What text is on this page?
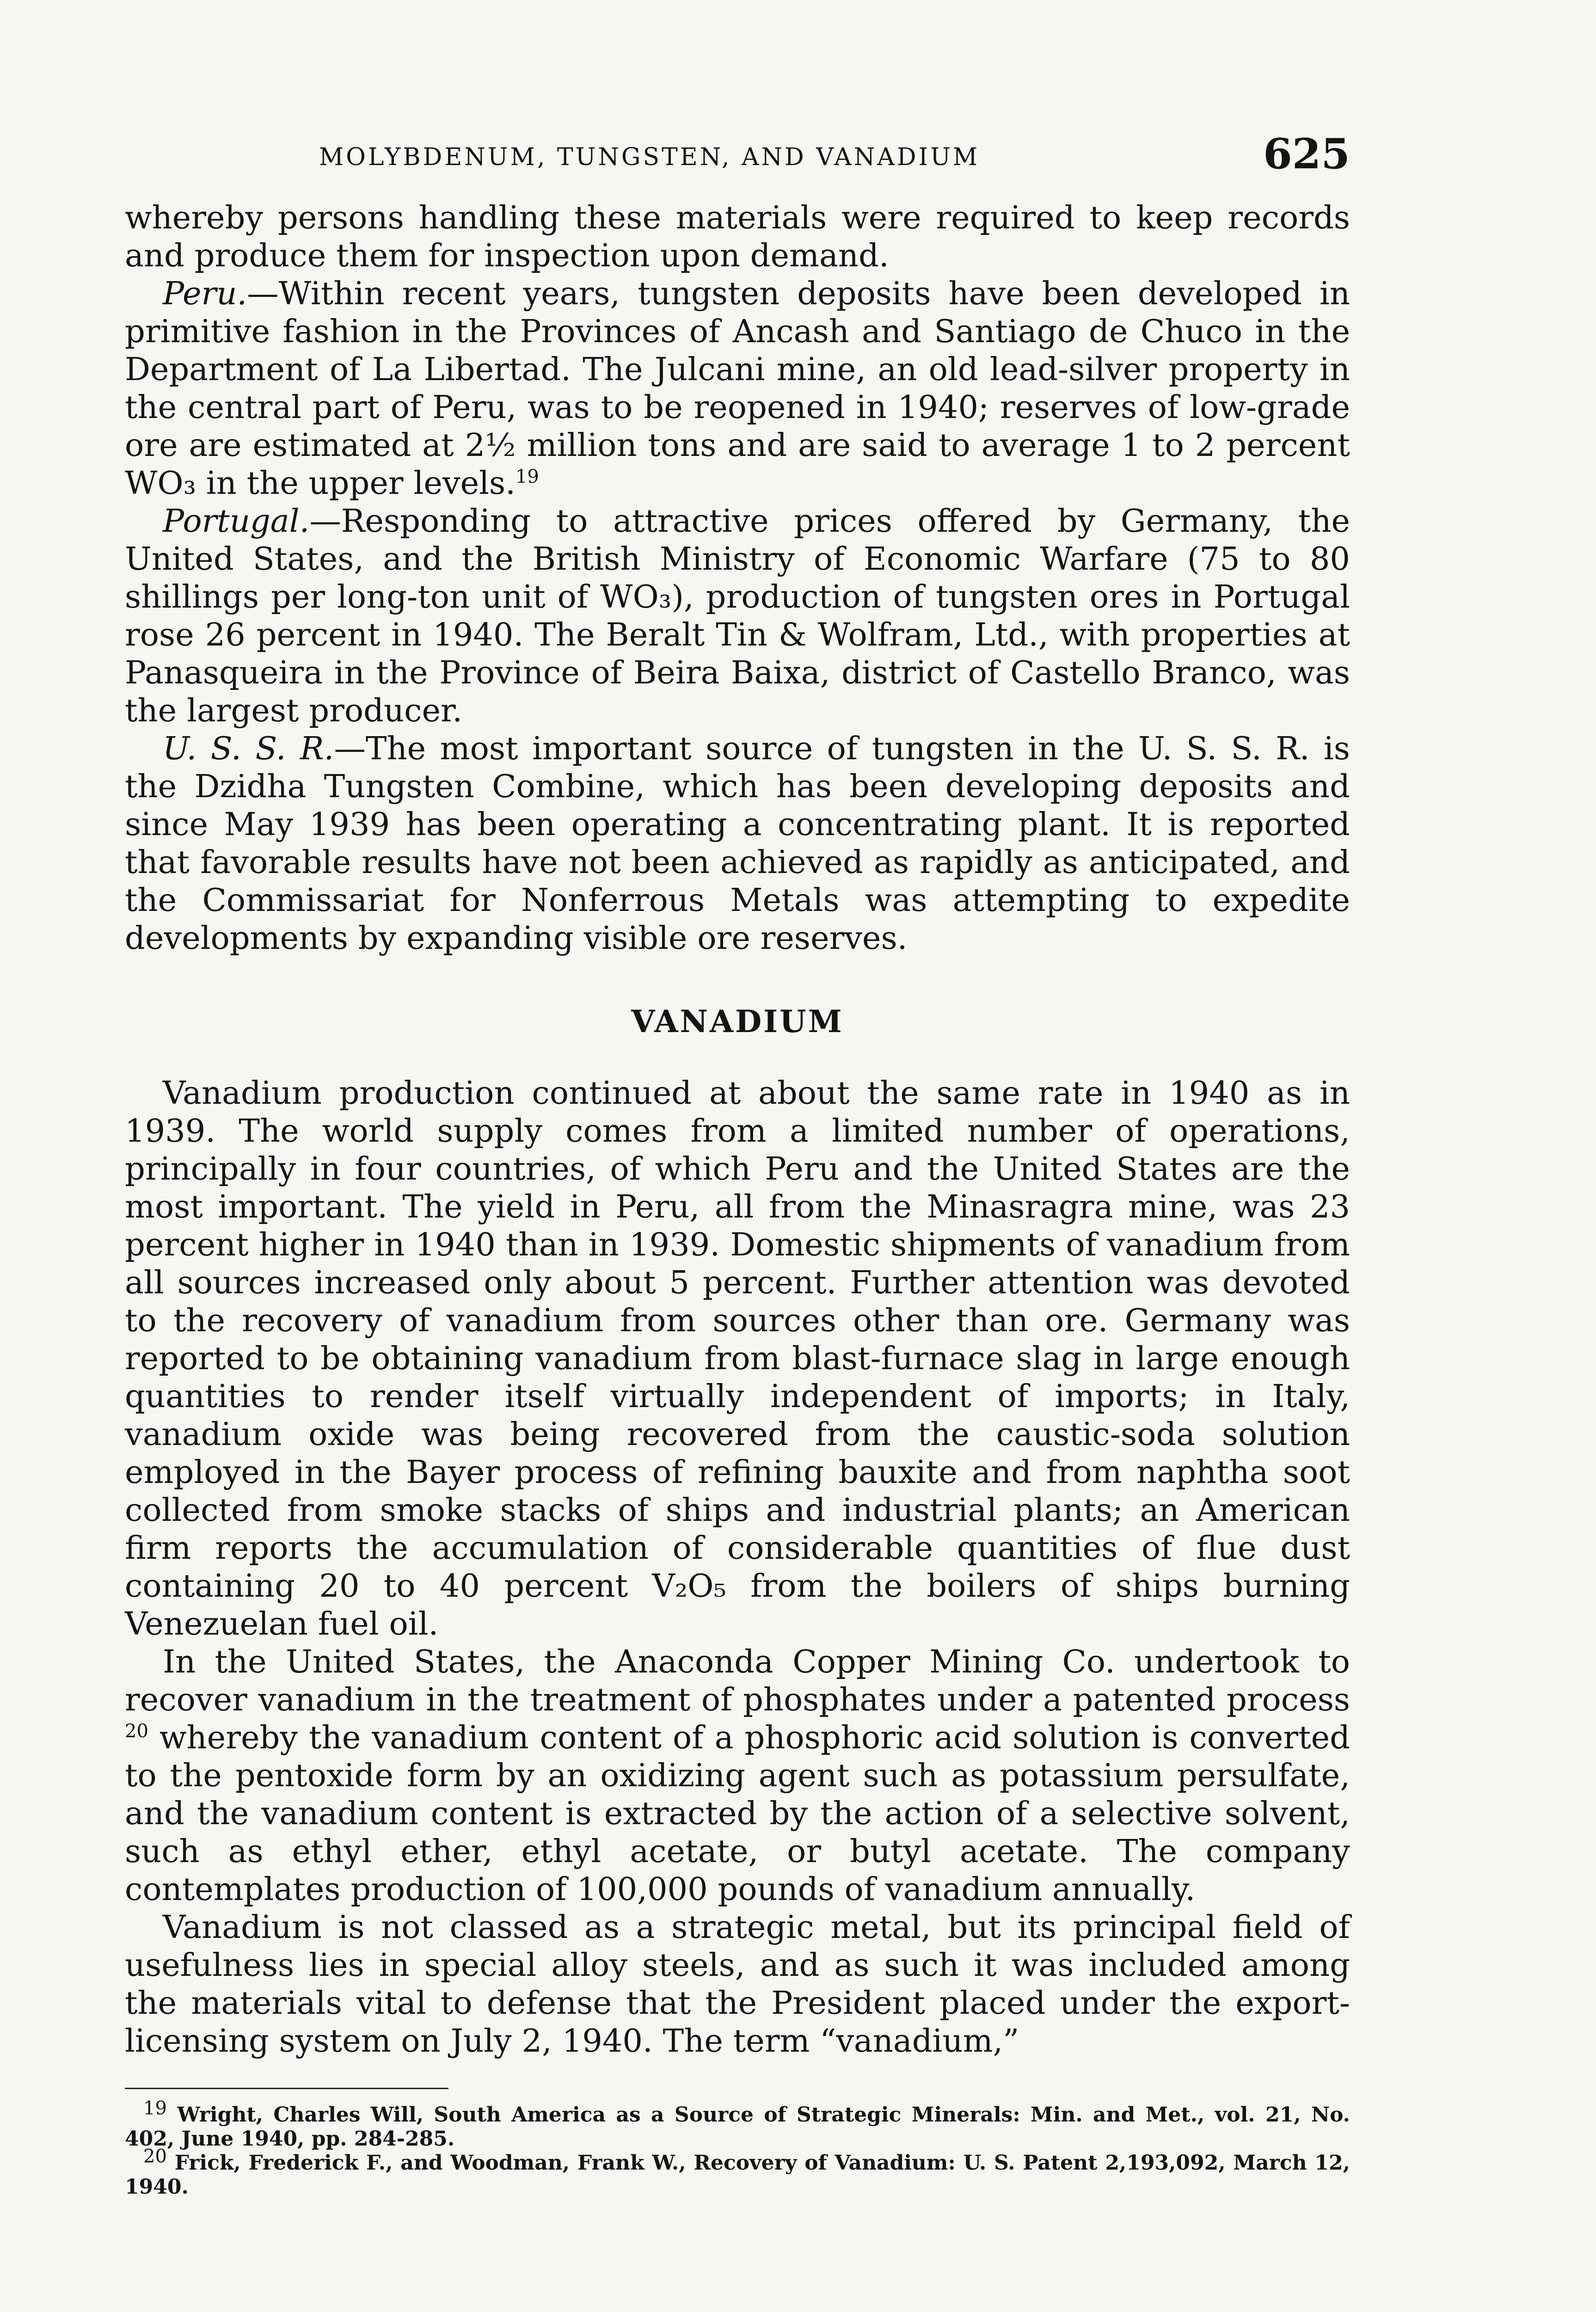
MOLYBDENUM, TUNGSTEN, AND VANADIUM	625

whereby persons handling these materials were required to keep records and produce them for inspection upon demand.

Peru.—Within recent years, tungsten deposits have been developed in primitive fashion in the Provinces of Ancash and Santiago de Chuco in the Department of La Libertad. The Julcani mine, an old lead-silver property in the central part of Peru, was to be reopened in 1940; reserves of low-grade ore are estimated at 2½ million tons and are said to average 1 to 2 percent WO₃ in the upper levels.$^{19}$

Portugal.—Responding to attractive prices offered by Germany, the United States, and the British Ministry of Economic Warfare (75 to 80 shillings per long-ton unit of WO₃), production of tungsten ores in Portugal rose 26 percent in 1940. The Beralt Tin & Wolfram, Ltd., with properties at Panasqueira in the Province of Beira Baixa, district of Castello Branco, was the largest producer.

U. S. S. R.—The most important source of tungsten in the U. S. S. R. is the Dzidha Tungsten Combine, which has been developing deposits and since May 1939 has been operating a concentrating plant. It is reported that favorable results have not been achieved as rapidly as anticipated, and the Commissariat for Nonferrous Metals was attempting to expedite developments by expanding visible ore reserves.

VANADIUM

Vanadium production continued at about the same rate in 1940 as in 1939. The world supply comes from a limited number of operations, principally in four countries, of which Peru and the United States are the most important. The yield in Peru, all from the Minasragra mine, was 23 percent higher in 1940 than in 1939. Domestic shipments of vanadium from all sources increased only about 5 percent. Further attention was devoted to the recovery of vanadium from sources other than ore. Germany was reported to be obtaining vanadium from blast-furnace slag in large enough quantities to render itself virtually independent of imports; in Italy, vanadium oxide was being recovered from the caustic-soda solution employed in the Bayer process of refining bauxite and from naphtha soot collected from smoke stacks of ships and industrial plants; an American firm reports the accumulation of considerable quantities of flue dust containing 20 to 40 percent V₂O₅ from the boilers of ships burning Venezuelan fuel oil.

In the United States, the Anaconda Copper Mining Co. undertook to recover vanadium in the treatment of phosphates under a patented process $^{20}$ whereby the vanadium content of a phosphoric acid solution is converted to the pentoxide form by an oxidizing agent such as potassium persulfate, and the vanadium content is extracted by the action of a selective solvent, such as ethyl ether, ethyl acetate, or butyl acetate. The company contemplates production of 100,000 pounds of vanadium annually.

Vanadium is not classed as a strategic metal, but its principal field of usefulness lies in special alloy steels, and as such it was included among the materials vital to defense that the President placed under the export-licensing system on July 2, 1940. The term “vanadium,”

$^{19}$ Wright, Charles Will, South America as a Source of Strategic Minerals: Min. and Met., vol. 21, No. 402, June 1940, pp. 284-285.
$^{20}$ Frick, Frederick F., and Woodman, Frank W., Recovery of Vanadium: U. S. Patent 2,193,092, March 12, 1940.
